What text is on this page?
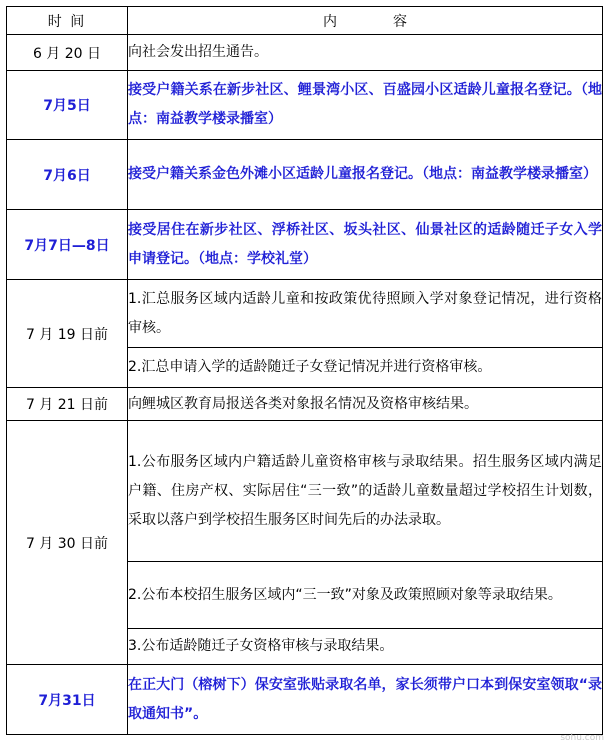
时 间	内 容
6 月 20 日	向社会发出招生通告。
7月5日	接受户籍关系在新步社区、鲤景湾小区、百盛园小区适龄儿童报名登记。（地点：南益教学楼录播室）
7月6日	接受户籍关系金色外滩小区适龄儿童报名登记。（地点：南益教学楼录播室）
7月7日—8日	接受居住在新步社区、浮桥社区、坂头社区、仙景社区的适龄随迁子女入学申请登记。（地点：学校礼堂）
7 月 19 日前	1.汇总服务区域内适龄儿童和按政策优待照顾入学对象登记情况，进行资格审核。
	2.汇总申请入学的适龄随迁子女登记情况并进行资格审核。
7 月 21 日前	向鲤城区教育局报送各类对象报名情况及资格审核结果。
7 月 30 日前	1.公布服务区域内户籍适龄儿童资格审核与录取结果。招生服务区域内满足户籍、住房产权、实际居住“三一致”的适龄儿童数量超过学校招生计划数，采取以落户到学校招生服务区时间先后的办法录取。
	2.公布本校招生服务区域内“三一致”对象及政策照顾对象等录取结果。
	3.公布适龄随迁子女资格审核与录取结果。
7月31日	在正大门（榕树下）保安室张贴录取名单，家长须带户口本到保安室领取“录取通知书”。
sohu.com
